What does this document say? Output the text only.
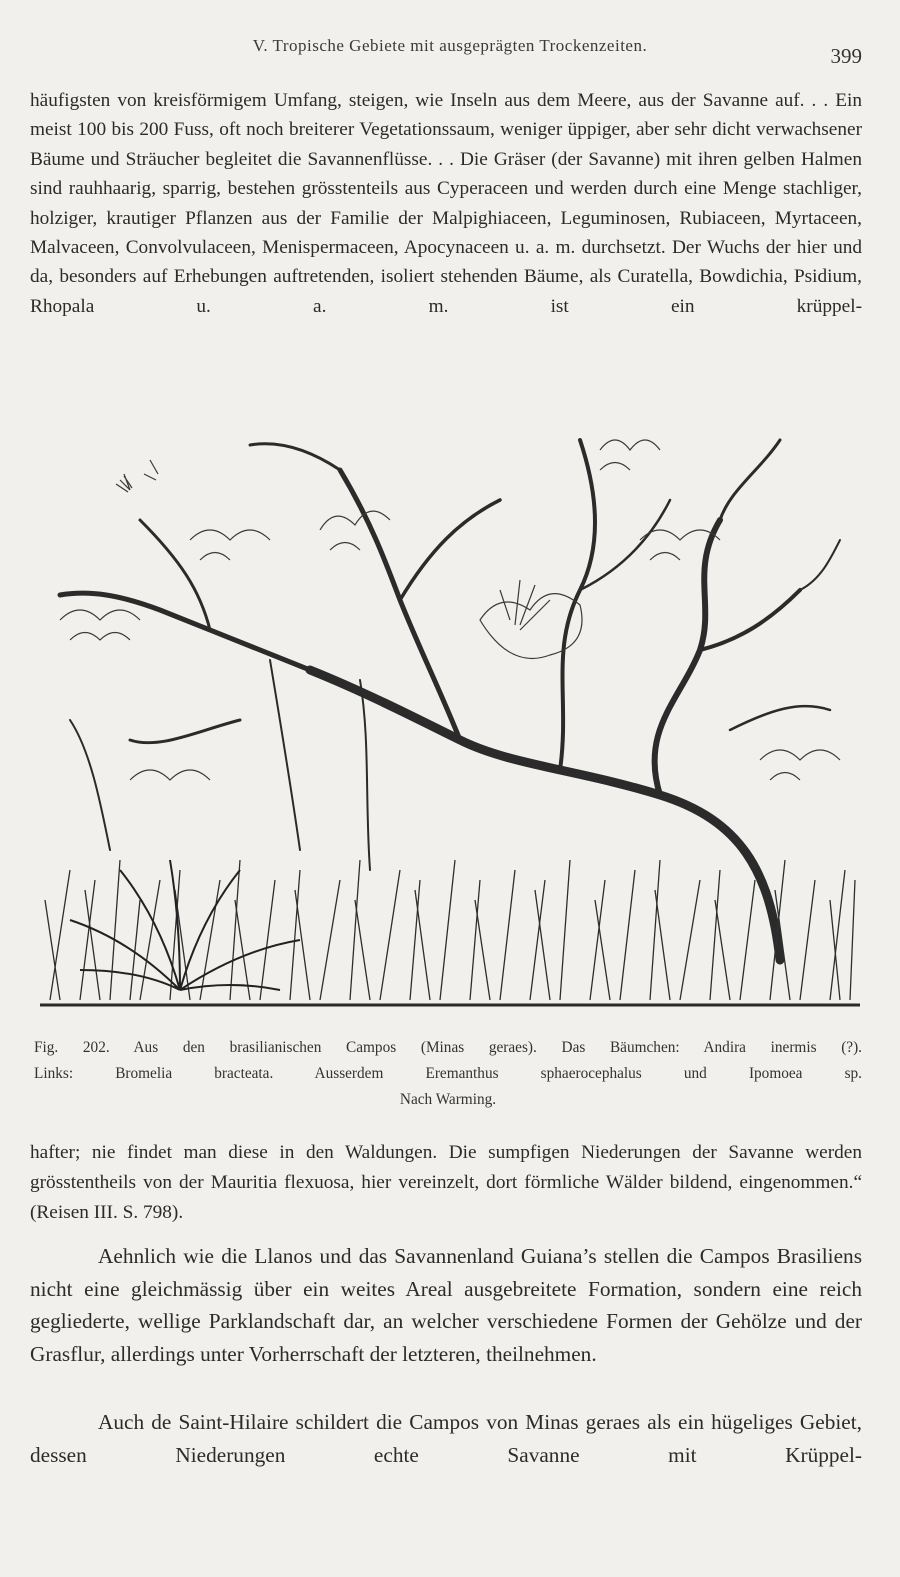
V. Tropische Gebiete mit ausgeprägten Trockenzeiten.	399

häufigsten von kreisförmigem Umfang, steigen, wie Inseln aus dem Meere, aus der Savanne auf. . . Ein meist 100 bis 200 Fuss, oft noch breiterer Vegetationssaum, weniger üppiger, aber sehr dicht verwachsener Bäume und Sträucher begleitet die Savannenflüsse. . . Die Gräser (der Savanne) mit ihren gelben Halmen sind rauhhaarig, sparrig, bestehen grösstenteils aus Cyperaceen und werden durch eine Menge stachliger, holziger, krautiger Pflanzen aus der Familie der Malpighiaceen, Leguminosen, Rubiaceen, Myrtaceen, Malvaceen, Convolvulaceen, Menispermaceen, Apocynaceen u. a. m. durchsetzt. Der Wuchs der hier und da, besonders auf Erhebungen auftretenden, isoliert stehenden Bäume, als Curatella, Bowdichia, Psidium, Rhopala u. a. m. ist ein krüppel-

Fig. 202. Aus den brasilianischen Campos (Minas geraes). Das Bäumchen: Andira inermis (?).
Links: Bromelia bracteata. Ausserdem Eremanthus sphaerocephalus und Ipomoea sp.
Nach Warming.

hafter; nie findet man diese in den Waldungen. Die sumpfigen Niederungen der Savanne werden grösstentheils von der Mauritia flexuosa, hier vereinzelt, dort förmliche Wälder bildend, eingenommen.“ (Reisen III. S. 798).

Aehnlich wie die Llanos und das Savannenland Guiana’s stellen die Campos Brasiliens nicht eine gleichmässig über ein weites Areal ausgebreitete Formation, sondern eine reich gegliederte, wellige Parklandschaft dar, an welcher verschiedene Formen der Gehölze und der Grasflur, allerdings unter Vorherrschaft der letzteren, theilnehmen.

Auch de Saint-Hilaire schildert die Campos von Minas geraes als ein hügeliges Gebiet, dessen Niederungen echte Savanne mit Krüppel-
